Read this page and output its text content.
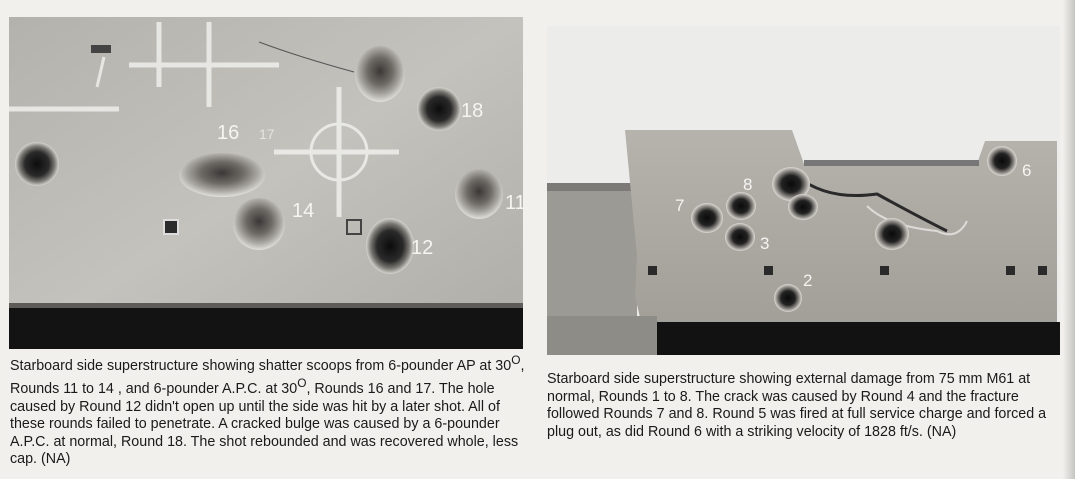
16 17
18
14
12
11	7
8
3
2
6

Starboard side superstructure showing shatter scoops from 6-pounder AP at $30^O$, Rounds 11 to 14 , and 6-pounder A.P.C. at $30^O$, Rounds 16 and 17. The hole caused by Round 12 didn't open up until the side was hit by a later shot. All of these rounds failed to penetrate. A cracked bulge was caused by a 6-pounder A.P.C. at normal, Round 18. The shot rebounded and was recovered whole, less cap. (NA)

Starboard side superstructure showing external damage from 75 mm M61 at normal, Rounds 1 to 8. The crack was caused by Round 4 and the fracture followed Rounds 7 and 8. Round 5 was fired at full service charge and forced a plug out, as did Round 6 with a striking velocity of 1828 ft/s. (NA)
